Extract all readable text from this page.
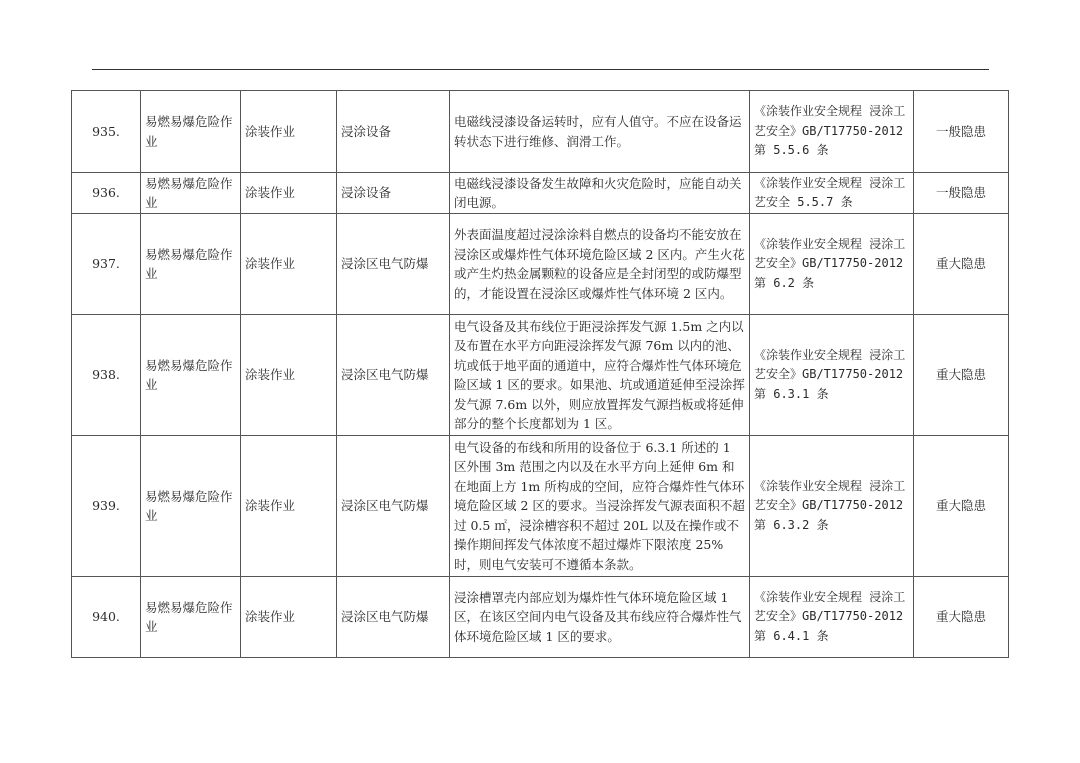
935.	易燃易爆危险作业	涂装作业	浸涂设备	电磁线浸漆设备运转时，应有人值守。不应在设备运转状态下进行维修、润滑工作。	《涂装作业安全规程 浸涂工艺安全》GB/T17750-2012 第 5.5.6 条	一般隐患
936.	易燃易爆危险作业	涂装作业	浸涂设备	电磁线浸漆设备发生故障和火灾危险时，应能自动关闭电源。	《涂装作业安全规程 浸涂工艺安全 5.5.7 条	一般隐患
937.	易燃易爆危险作业	涂装作业	浸涂区电气防爆	外表面温度超过浸涂涂料自燃点的设备均不能安放在浸涂区或爆炸性气体环境危险区域 2 区内。产生火花或产生灼热金属颗粒的设备应是全封闭型的或防爆型的，才能设置在浸涂区或爆炸性气体环境 2 区内。	《涂装作业安全规程 浸涂工艺安全》GB/T17750-2012 第 6.2 条	重大隐患
938.	易燃易爆危险作业	涂装作业	浸涂区电气防爆	电气设备及其布线位于距浸涂挥发气源 1.5m 之内以及布置在水平方向距浸涂挥发气源 76m 以内的池、坑或低于地平面的通道中，应符合爆炸性气体环境危险区域 1 区的要求。如果池、坑或通道延伸至浸涂挥发气源 7.6m 以外，则应放置挥发气源挡板或将延伸部分的整个长度都划为 1 区。	《涂装作业安全规程 浸涂工艺安全》GB/T17750-2012 第 6.3.1 条	重大隐患
939.	易燃易爆危险作业	涂装作业	浸涂区电气防爆	电气设备的布线和所用的设备位于 6.3.1 所述的 1 区外围 3m 范围之内以及在水平方向上延伸 6m 和在地面上方 1m 所构成的空间，应符合爆炸性气体环境危险区域 2 区的要求。当浸涂挥发气源表面积不超过 0.5 ㎡，浸涂槽容积不超过 20L 以及在操作或不操作期间挥发气体浓度不超过爆炸下限浓度 25%时，则电气安装可不遵循本条款。	《涂装作业安全规程 浸涂工艺安全》GB/T17750-2012 第 6.3.2 条	重大隐患
940.	易燃易爆危险作业	涂装作业	浸涂区电气防爆	浸涂槽罩壳内部应划为爆炸性气体环境危险区域 1 区，在该区空间内电气设备及其布线应符合爆炸性气体环境危险区域 1 区的要求。	《涂装作业安全规程 浸涂工艺安全》GB/T17750-2012 第 6.4.1 条	重大隐患
